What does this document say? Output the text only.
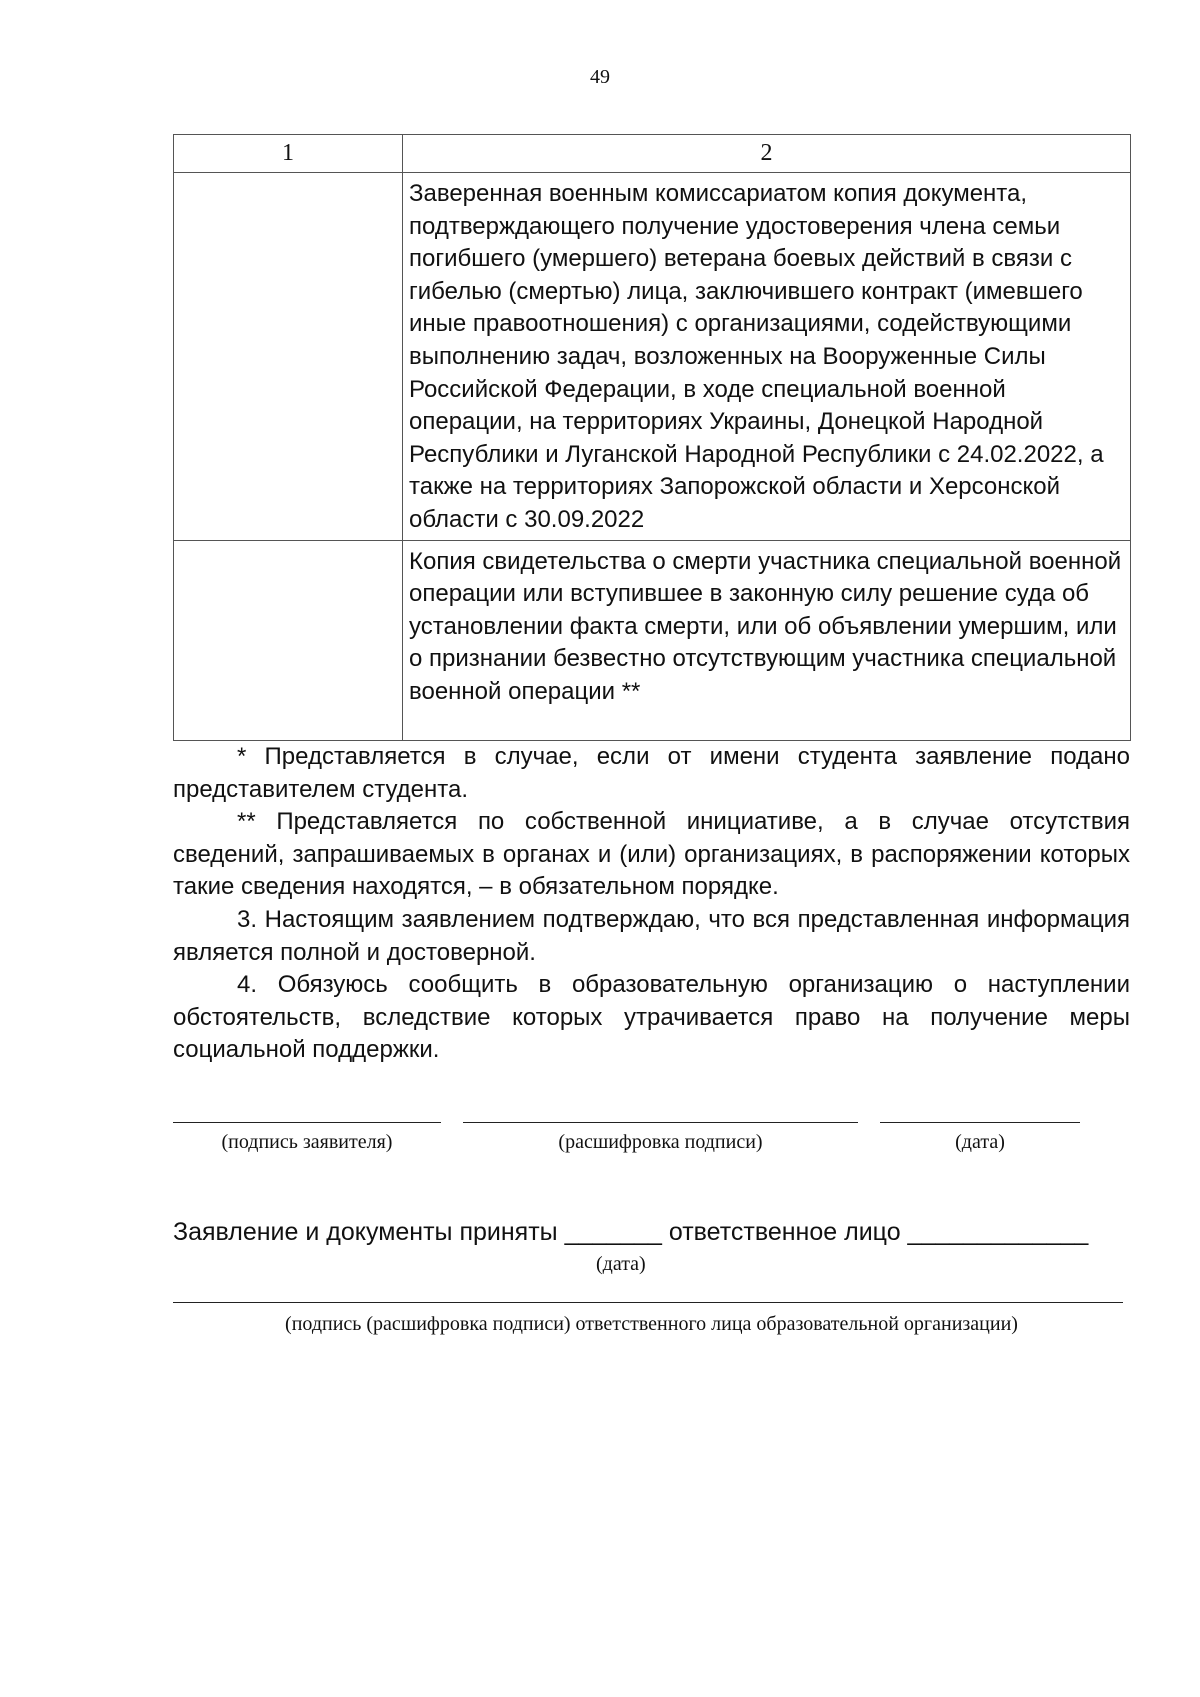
49
1	2
	Заверенная военным комиссариатом копия документа, подтверждающего получение удостоверения члена семьи погибшего (умершего) ветерана боевых действий в связи с гибелью (смертью) лица, заключившего контракт (имевшего иные правоотношения) с организациями, содействующими выполнению задач, возложенных на Вооруженные Силы Российской Федерации, в ходе специальной военной операции, на территориях Украины, Донецкой Народной Республики и Луганской Народной Республики с 24.02.2022, а также на территориях Запорожской области и Херсонской области с 30.09.2022
	Копия свидетельства о смерти участника специальной военной операции или вступившее в законную силу решение суда об установлении факта смерти, или об объявлении умершим, или о признании безвестно отсутствующим участника специальной военной операции **

* Представляется в случае, если от имени студента заявление подано представителем студента.

** Представляется по собственной инициативе, а в случае отсутствия сведений, запрашиваемых в органах и (или) организациях, в распоряжении которых такие сведения находятся, – в обязательном порядке.

3. Настоящим заявлением подтверждаю, что вся представленная информация является полной и достоверной.

4. Обязуюсь сообщить в образовательную организацию о наступлении обстоятельств, вследствие которых утрачивается право на получение меры социальной поддержки.

(подпись заявителя)	(расшифровка подписи)	(дата)
Заявление и документы приняты _______ ответственное лицо _____________
(дата)
(подпись (расшифровка подписи) ответственного лица образовательной организации)
